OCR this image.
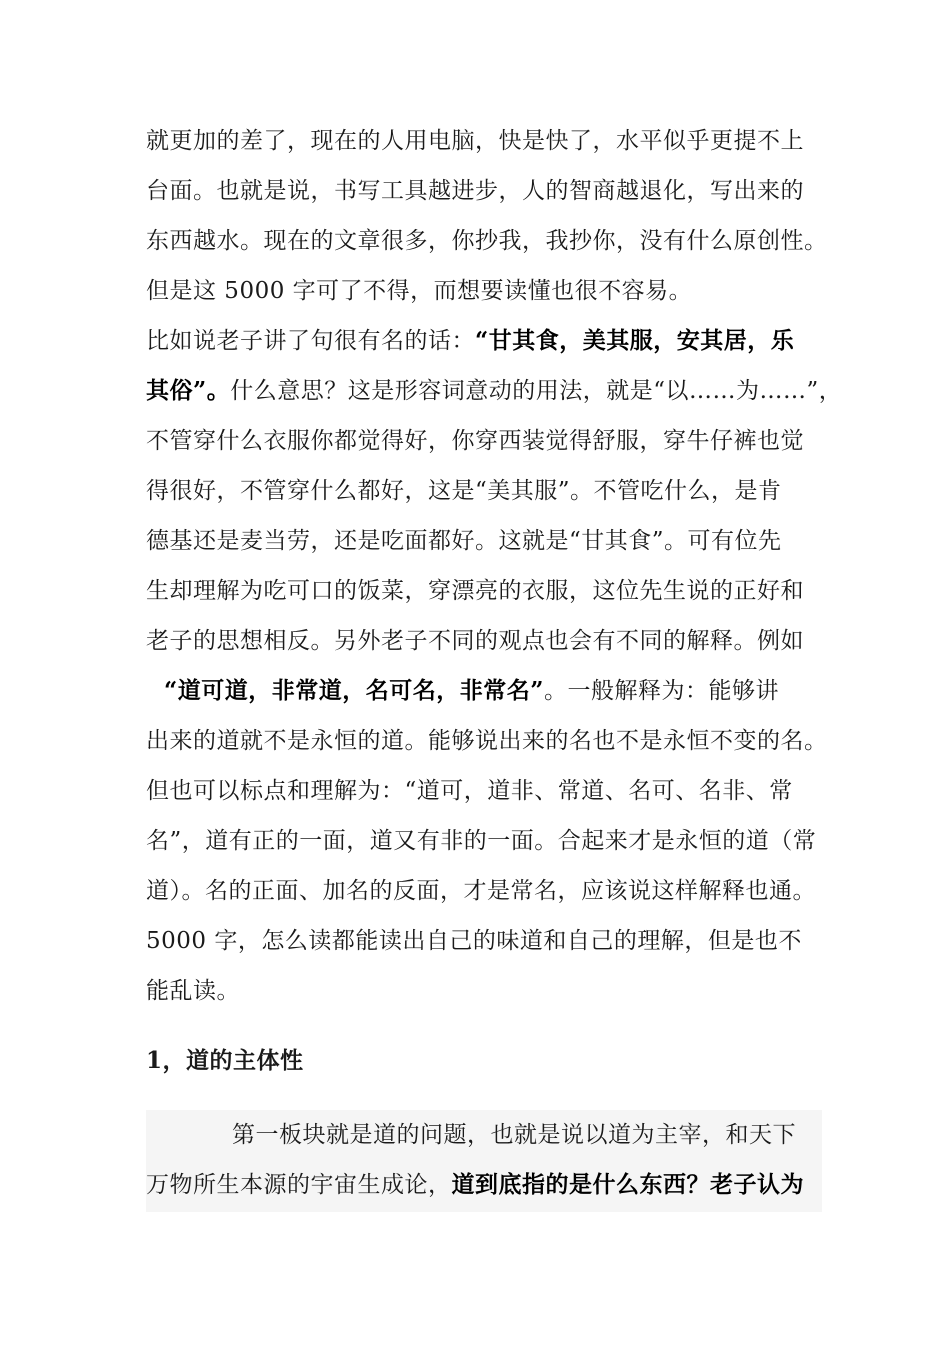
就更加的差了，现在的人用电脑，快是快了，水平似乎更提不上
台面。也就是说，书写工具越进步，人的智商越退化，写出来的
东西越水。现在的文章很多，你抄我，我抄你，没有什么原创性。
但是这 5000 字可了不得，而想要读懂也很不容易。
比如说老子讲了句很有名的话：“甘其食，美其服，安其居，乐
其俗”。什么意思？这是形容词意动的用法，就是“以……为……”，
不管穿什么衣服你都觉得好，你穿西装觉得舒服，穿牛仔裤也觉
得很好，不管穿什么都好，这是“美其服”。不管吃什么，是肯
德基还是麦当劳，还是吃面都好。这就是“甘其食”。可有位先
生却理解为吃可口的饭菜，穿漂亮的衣服，这位先生说的正好和
老子的思想相反。另外老子不同的观点也会有不同的解释。例如
“道可道，非常道，名可名，非常名”。一般解释为：能够讲
出来的道就不是永恒的道。能够说出来的名也不是永恒不变的名。
但也可以标点和理解为：“道可，道非、常道、名可、名非、常
名”，道有正的一面，道又有非的一面。合起来才是永恒的道（常
道）。名的正面、加名的反面，才是常名，应该说这样解释也通。
5000 字，怎么读都能读出自己的味道和自己的理解，但是也不
能乱读。
1，道的主体性
第一板块就是道的问题，也就是说以道为主宰，和天下
万物所生本源的宇宙生成论，道到底指的是什么东西？老子认为
